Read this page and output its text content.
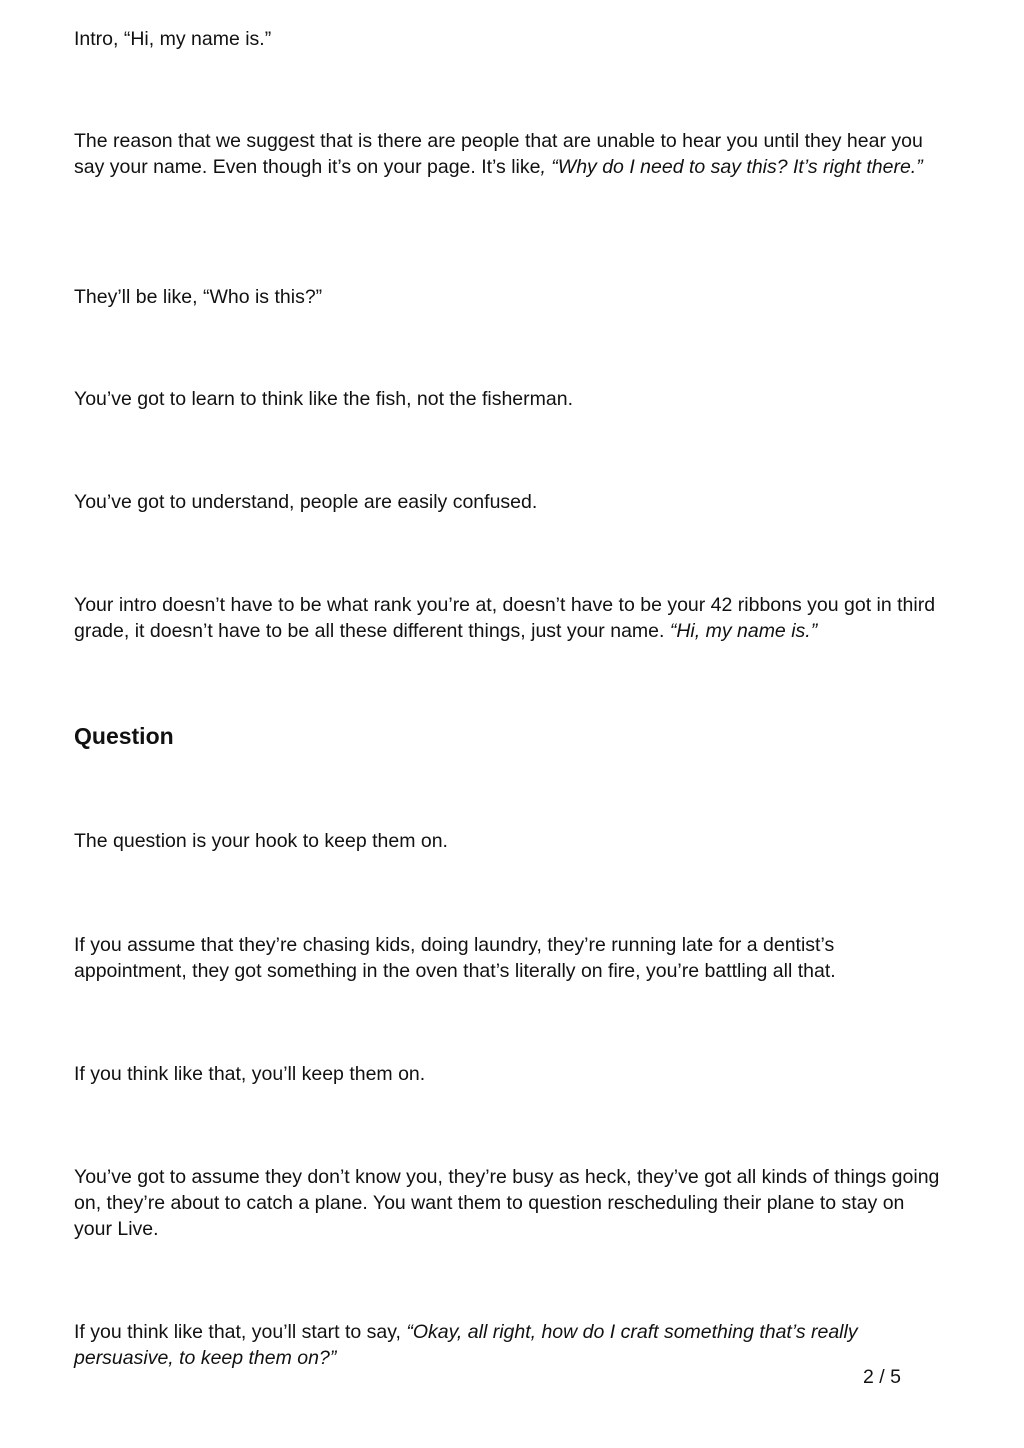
Intro, “Hi, my name is.”

The reason that we suggest that is there are people that are unable to hear you until they hear you say your name. Even though it’s on your page. It’s like, “Why do I need to say this? It’s right there.”

They’ll be like, “Who is this?”

You’ve got to learn to think like the fish, not the fisherman.

You’ve got to understand, people are easily confused.

Your intro doesn’t have to be what rank you’re at, doesn’t have to be your 42 ribbons you got in third grade, it doesn’t have to be all these different things, just your name. “Hi, my name is.”

Question

The question is your hook to keep them on.

If you assume that they’re chasing kids, doing laundry, they’re running late for a dentist’s appointment, they got something in the oven that’s literally on fire, you’re battling all that.

If you think like that, you’ll keep them on.

You’ve got to assume they don’t know you, they’re busy as heck, they’ve got all kinds of things going on, they’re about to catch a plane. You want them to question rescheduling their plane to stay on your Live.

If you think like that, you’ll start to say, “Okay, all right, how do I craft something that’s really persuasive, to keep them on?”

2 / 5
